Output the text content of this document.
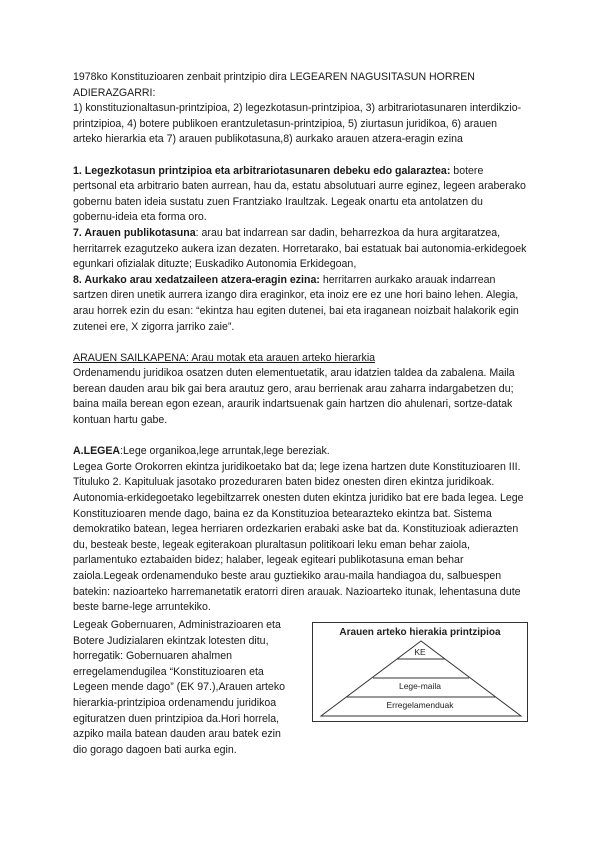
1978ko Konstituzioaren zenbait printzipio dira LEGEAREN NAGUSITASUN HORREN ADIERAZGARRI:

1) konstituzionaltasun-printzipioa, 2) legezkotasun-printzipioa, 3) arbitrariotasunaren interdikzio-printzipioa, 4) botere publikoen erantzuletasun-printzipioa, 5) ziurtasun juridikoa, 6) arauen arteko hierarkia eta 7) arauen publikotasuna,8) aurkako arauen atzera-eragin ezina

1. Legezkotasun printzipioa eta arbitrariotasunaren debeku edo galaraztea: botere pertsonal eta arbitrario baten aurrean, hau da, estatu absolutuari aurre eginez, legeen araberako gobernu baten ideia sustatu zuen Frantziako Iraultzak. Legeak onartu eta antolatzen du gobernu-ideia eta forma oro.

7. Arauen publikotasuna: arau bat indarrean sar dadin, beharrezkoa da hura argitaratzea, herritarrek ezagutzeko aukera izan dezaten. Horretarako, bai estatuak bai autonomia-erkidegoek egunkari ofizialak dituzte; Euskadiko Autonomia Erkidegoan,

8. Aurkako arau xedatzaileen atzera-eragin ezina: herritarren aurkako arauak indarrean sartzen diren unetik aurrera izango dira eraginkor, eta inoiz ere ez une hori baino lehen. Alegia, arau horrek ezin du esan: “ekintza hau egiten dutenei, bai eta iraganean noizbait halakorik egin zutenei ere, X zigorra jarriko zaie”.

ARAUEN SAILKAPENA: Arau motak eta arauen arteko hierarkia

Ordenamendu juridikoa osatzen duten elementuetatik, arau idatzien taldea da zabalena. Maila berean dauden arau bik gai bera arautuz gero, arau berrienak arau zaharra indargabetzen du; baina maila berean egon ezean, araurik indartsuenak gain hartzen dio ahulenari, sortze-datak kontuan hartu gabe.

A.LEGEA:Lege organikoa,lege arruntak,lege bereziak.

Legea Gorte Orokorren ekintza juridikoetako bat da; lege izena hartzen dute Konstituzioaren III. Tituluko 2. Kapituluak jasotako prozeduraren baten bidez onesten diren ekintza juridikoak. Autonomia-erkidegoetako legebiltzarrek onesten duten ekintza juridiko bat ere bada legea. Lege Konstituzioaren mende dago, baina ez da Konstituzioa betearazteko ekintza bat. Sistema demokratiko batean, legea herriaren ordezkarien erabaki aske bat da. Konstituzioak adierazten du, besteak beste, legeak egiterakoan pluraltasun politikoari leku eman behar zaiola, parlamentuko eztabaiden bidez; halaber, legeak egiteari publikotasuna eman behar zaiola.Legeak ordenamenduko beste arau guztiekiko arau-maila handiagoa du, salbuespen batekin: nazioarteko harremanetatik eratorri diren arauak. Nazioarteko itunak, lehentasuna dute beste barne-lege arruntekiko.

Legeak Gobernuaren, Administrazioaren eta Botere Judizialaren ekintzak lotesten ditu, horregatik: Gobernuaren ahalmen erregelamendugilea “Konstituzioaren eta Legeen mende dago” (EK 97.),Arauen arteko hierarkia-printzipioa ordenamendu juridikoa egituratzen duen printzipioa da.Hori horrela, azpiko maila batean dauden arau batek ezin dio gorago dagoen bati aurka egin.

Arauen arteko hierakia printzipioa
KE
Lege-maila
Erregelamenduak
